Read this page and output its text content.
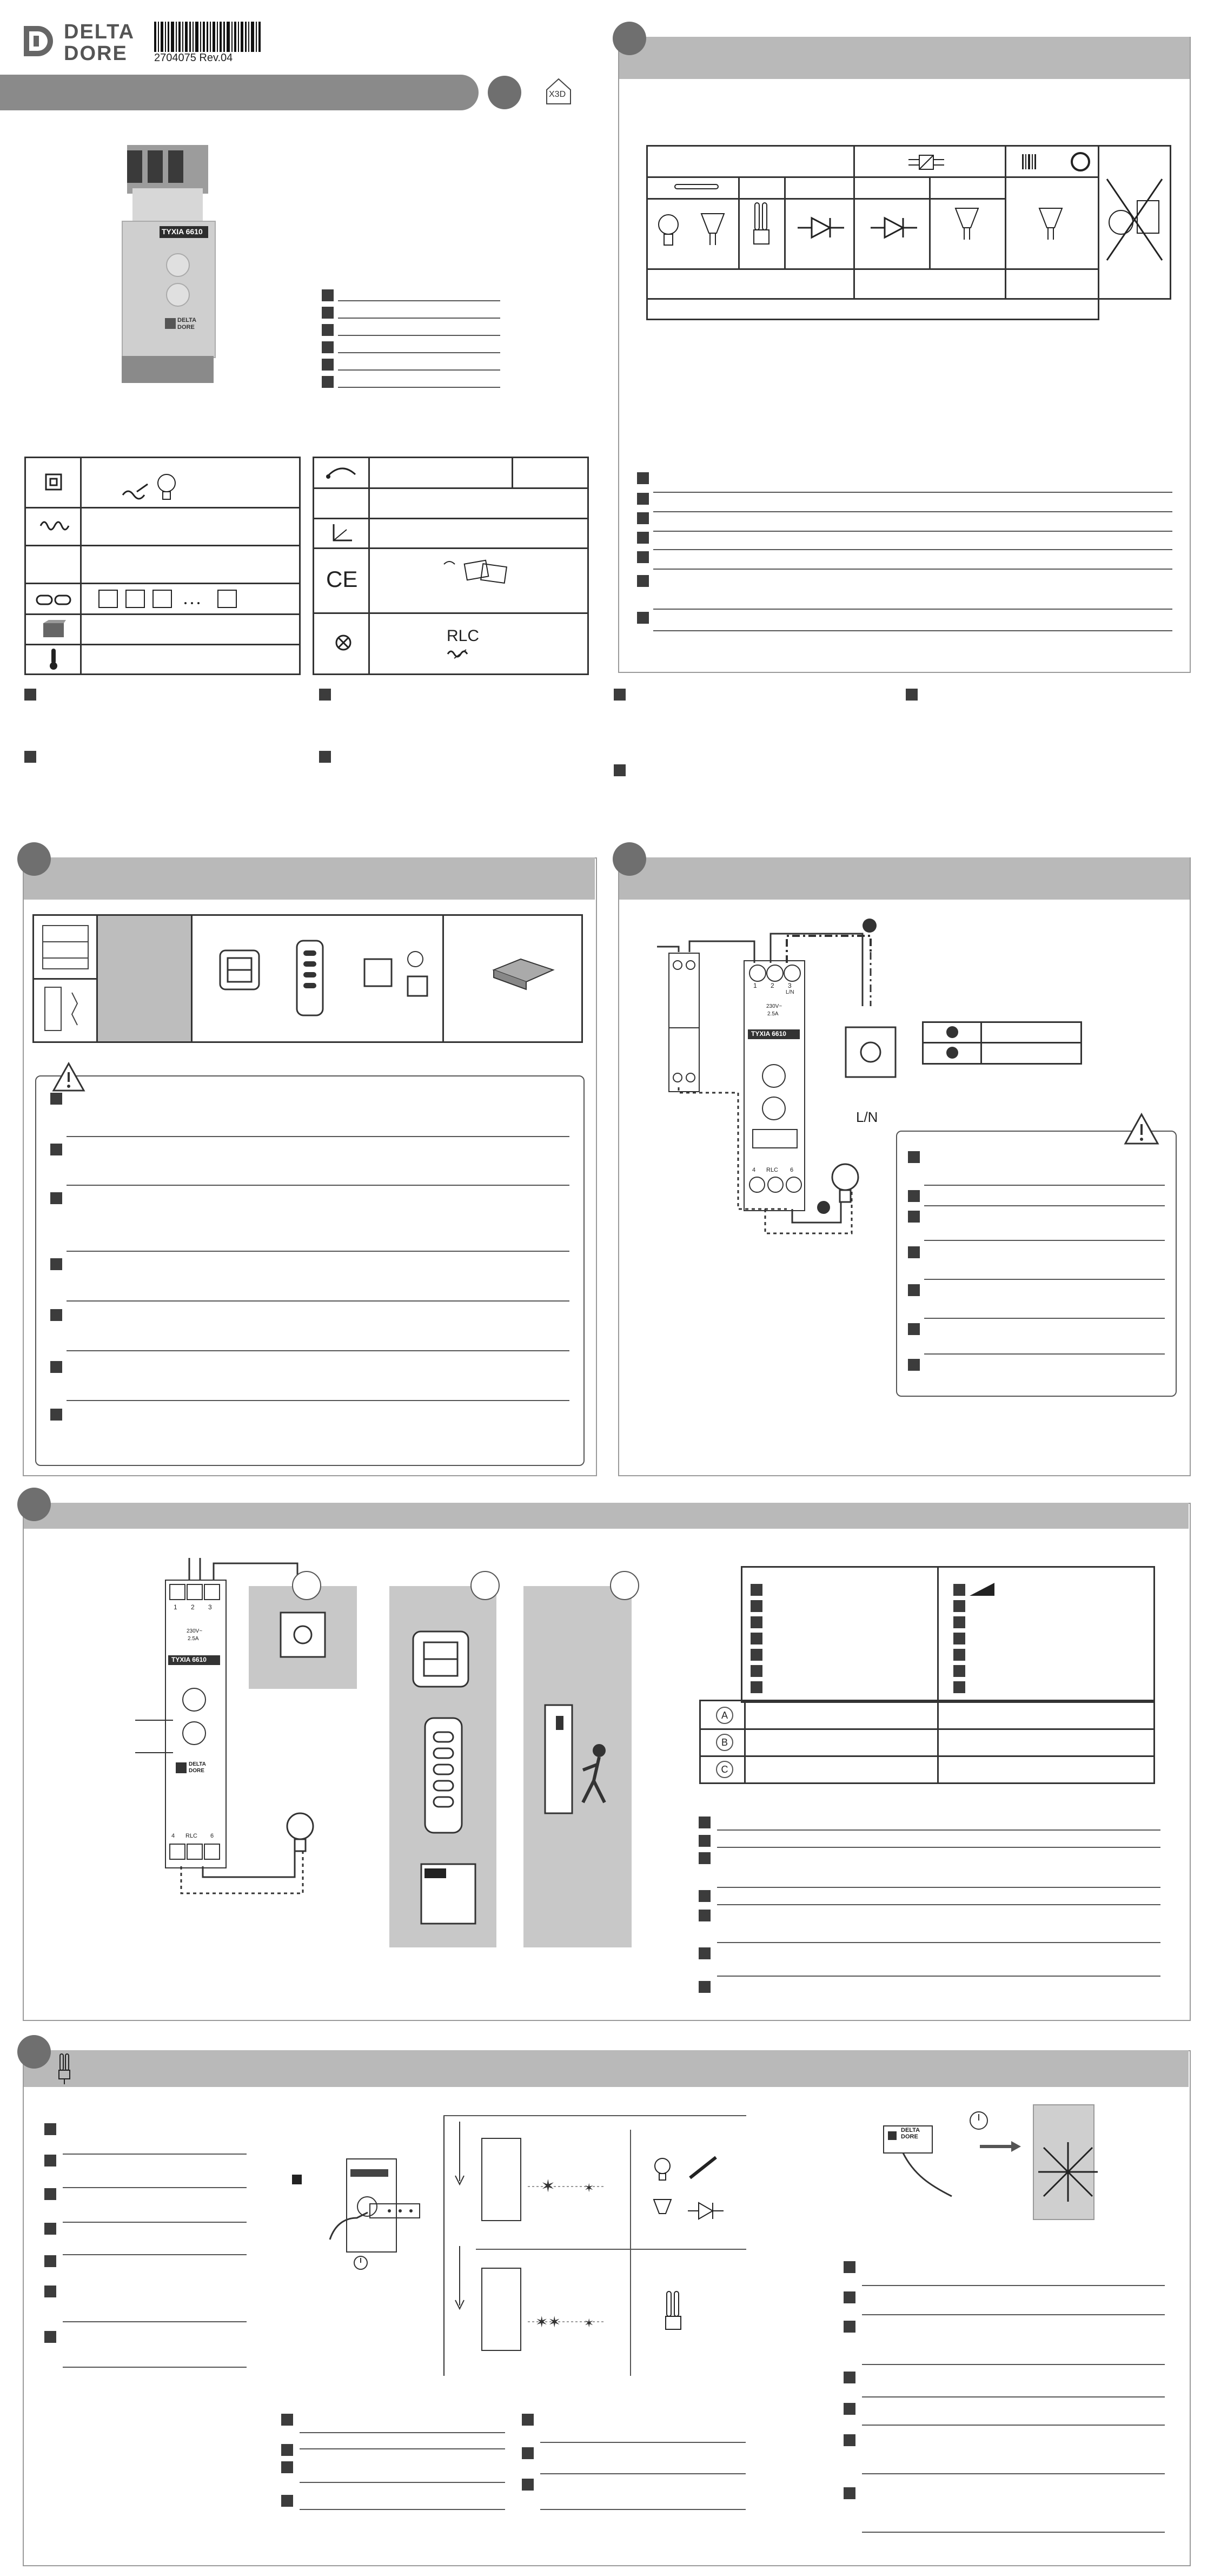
DELTA
DORE 2704075 Rev.04
X3D
TYXIA 6610
DELTA
DORE
CE
RLC
1 2 3
L/N
230V~
2.5A
TYXIA 6610
4 RLC 6
L/N
1 2 3
230V~
2.5A
TYXIA 6610
DELTA
DORE
4 RLC 6
A
B
C
✶ ✶
✶✶ ✶
DELTA
DORE
